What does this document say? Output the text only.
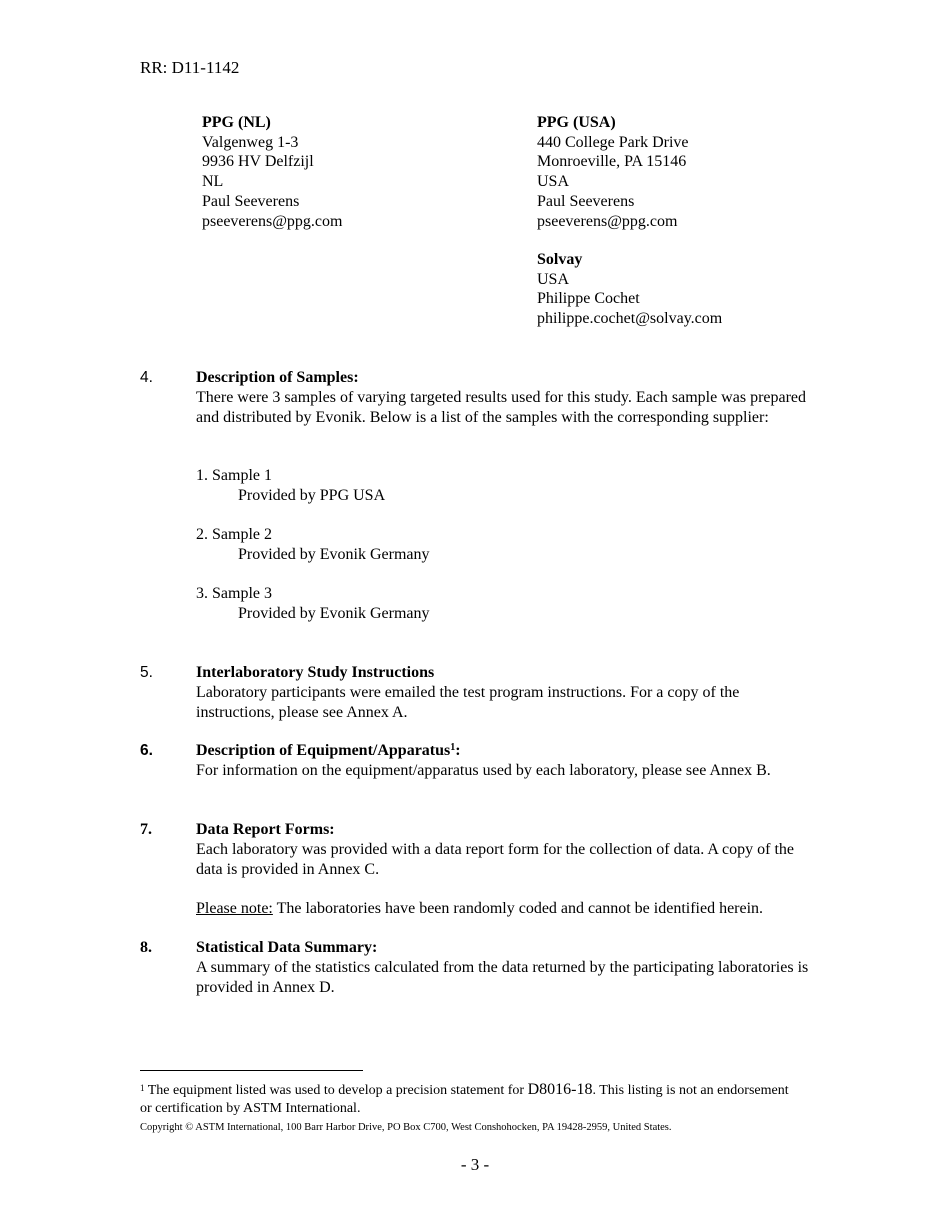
RR: D11-1142
PPG (NL)
Valgenweg 1-3
9936 HV Delfzijl
NL
Paul Seeverens
pseeverens@ppg.com
PPG (USA)
440 College Park Drive
Monroeville, PA 15146
USA
Paul Seeverens
pseeverens@ppg.com
Solvay
USA
Philippe Cochet
philippe.cochet@solvay.com
4.	Description of Samples:
There were 3 samples of varying targeted results used for this study. Each sample was prepared and distributed by Evonik. Below is a list of the samples with the corresponding supplier:
1. Sample 1
Provided by PPG USA
2. Sample 2
Provided by Evonik Germany
3. Sample 3
Provided by Evonik Germany
5.	Interlaboratory Study Instructions
Laboratory participants were emailed the test program instructions. For a copy of the instructions, please see Annex A.
6.	Description of Equipment/Apparatus$^1$:
For information on the equipment/apparatus used by each laboratory, please see Annex B.
7.	Data Report Forms:
Each laboratory was provided with a data report form for the collection of data. A copy of the data is provided in Annex C.
Please note: The laboratories have been randomly coded and cannot be identified herein.
8.	Statistical Data Summary:
A summary of the statistics calculated from the data returned by the participating laboratories is provided in Annex D.
$^1$ The equipment listed was used to develop a precision statement for D8016-18. This listing is not an endorsement or certification by ASTM International.
Copyright © ASTM International, 100 Barr Harbor Drive, PO Box C700, West Conshohocken, PA 19428-2959, United States.
- 3 -
